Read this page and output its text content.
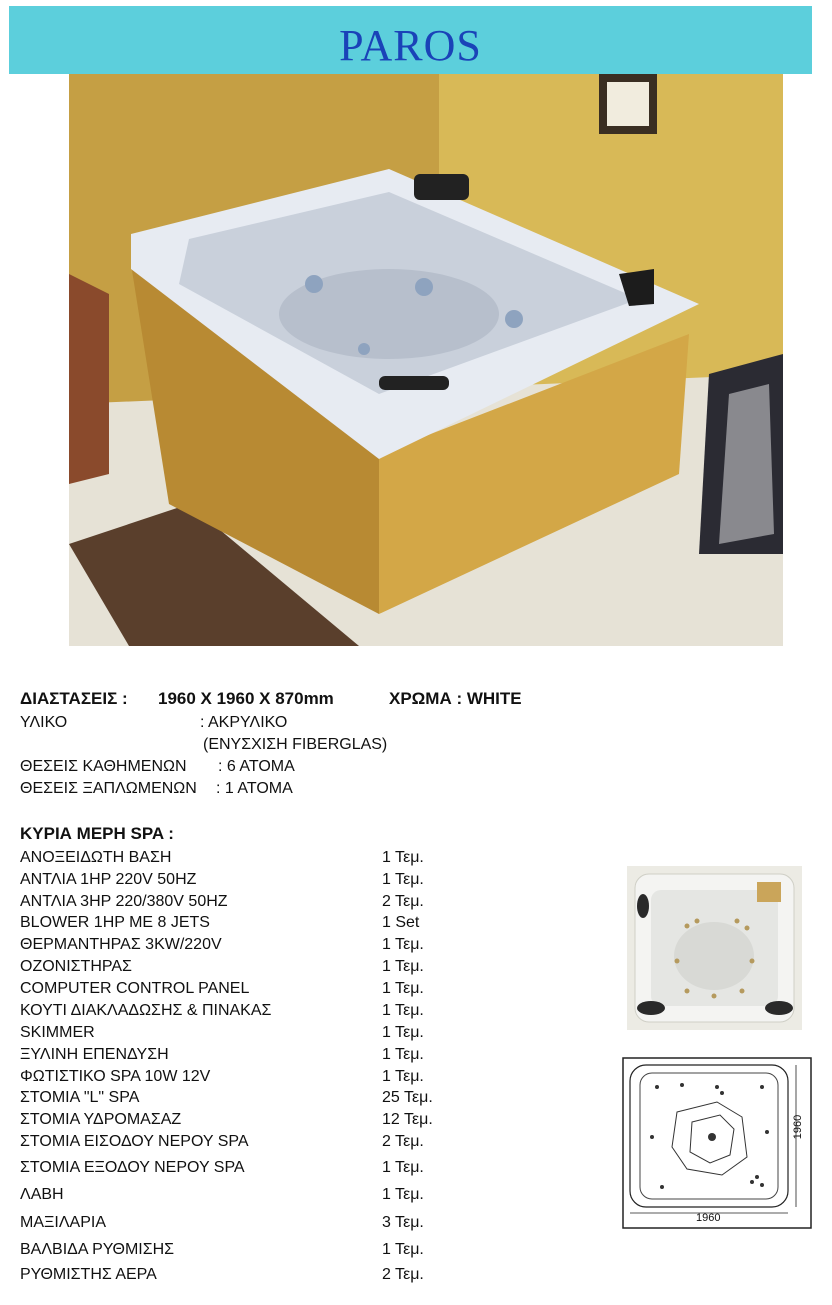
PAROS
ΔΙΑΣΤΑΣΕΙΣ : 1960 X 1960 X 870mm	ΧΡΩΜΑ : WHITE
ΥΛΙΚΟ	: ΑΚΡΥΛΙΚΟ
(ΕΝΥΣΧΙΣΗ FIBERGLAS)
ΘΕΣΕΙΣ ΚΑΘΗΜΕΝΩΝ : 6 ΑΤΟΜΑ
ΘΕΣΕΙΣ ΞΑΠΛΩΜΕΝΩΝ : 1 ΑΤΟΜΑ
ΚΥΡΙΑ ΜΕΡΗ SPA :
ΑΝΟΞΕΙΔΩΤΗ ΒΑΣΗ	1 Τεμ.
ΑΝΤΛΙΑ 1HP 220V 50HZ	1 Τεμ.
ΑΝΤΛΙΑ 3HP 220/380V 50HZ	2 Τεμ.
BLOWER 1HP ME 8 JETS	1 Set
ΘΕΡΜΑΝΤΗΡΑΣ 3KW/220V	1 Τεμ.
ΟΖΟΝΙΣΤΗΡΑΣ	1 Τεμ.
COMPUTER CONTROL PANEL	1 Τεμ.
ΚΟΥΤΙ ΔΙΑΚΛΑΔΩΣΗΣ & ΠΙΝΑΚΑΣ	1 Τεμ.
SKIMMER	1 Τεμ.
ΞΥΛΙΝΗ ΕΠΕΝΔΥΣΗ	1 Τεμ.
ΦΩΤΙΣΤΙΚΟ SPA 10W 12V	1 Τεμ.
ΣΤΟΜΙΑ "L" SPA	25 Τεμ.
ΣΤΟΜΙΑ ΥΔΡΟΜΑΣΑΖ	12 Τεμ.
ΣΤΟΜΙΑ ΕΙΣΟΔΟΥ ΝΕΡΟΥ SPA	2 Τεμ.
ΣΤΟΜΙΑ ΕΞΟΔΟΥ ΝΕΡΟΥ SPA	1 Τεμ.
ΛΑΒΗ	1 Τεμ.
ΜΑΞΙΛΑΡΙΑ	3 Τεμ.
ΒΑΛΒΙΔΑ ΡΥΘΜΙΣΗΣ	1 Τεμ.
ΡΥΘΜΙΣΤΗΣ ΑΕΡΑ	2 Τεμ.
1960
1960
